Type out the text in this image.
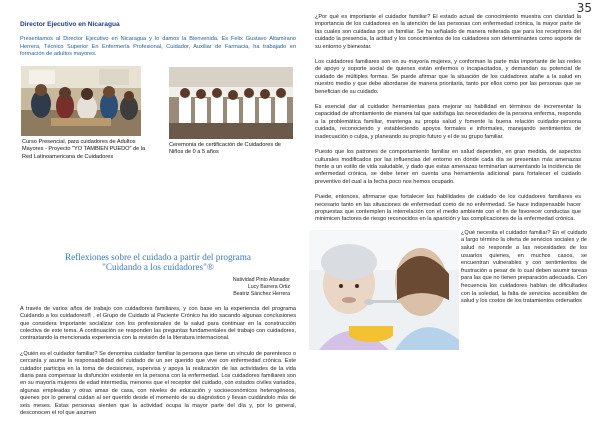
35
Director Ejecutivo en Nicaragua

Presentamos al Director Ejecutivo en Nicaragua y lo damos la Bienvenida. Es Felix Gustavo Altamirano Herrera, Técnico Superior En Enfermería Profesional, Cuidador, Auxiliar de Farmacia, ha trabajado en formación de adultos mayores.

Curso Presencial, para cuidadores de Adultos Mayores - Proyecto "YO TAMBIEN PUEDO" de la Red Latinoamericana de Cuidadores
Ceremonia de certificación de Cuidadores de Niños de 0 a 5 años
Reflexiones sobre el cuidado a partir del programa
"Cuidando a los cuidadores"®
Natividad Pinto Afanador
Lucy Barrera Ortiz
Beatriz Sánchez Herrera

A través de varios años de trabajo con cuidadores familiares, y con base en la experiencia del programa Cuidando a los cuidadores® , el Grupo de Cuidado al Paciente Crónico ha ido sacando algunas conclusiones que considera importante socializar con los profesionales de la salud para continuar en la construcción colectiva de este tema. A continuación se responden las preguntas fundamentales del trabajo con cuidadores, contrastando la mencionada experiencia con la revisión de la literatura internacional.

¿Quién es el cuidador familiar? Se denomina cuidador familiar la persona que tiene un vínculo de parentesco o cercanía y asume la responsabilidad del cuidado de un ser querido que vive con enfermedad crónica. Este cuidador participa en la toma de decisiones, supervisa y apoya la realización de las actividades de la vida diaria para compensar la disfunción existente en la persona con la enfermedad. Los cuidadores familiares son en su mayoría mujeres de edad intermedia, menores que el receptor del cuidado, con estados civiles variados, algunas empleadas y otras amas de casa, con niveles de educación y socioeconómicos heterogéneos, quienes por lo general cuidan al ser querido desde el momento de su diagnóstico y llevan cuidándolo más de seis meses. Estas personas sienten que la actividad ocupa la mayor parte del día y, por lo general, desconocen el rol que asumen

¿Por qué es importante el cuidador familiar? El estado actual de conocimiento muestra con claridad la importancia de los cuidadores en la atención de las personas con enfermedad crónica, la mayor parte de las cuales son cuidadas por un familiar. Se ha señalado de manera reiterada que para los receptores del cuidado la presencia, la actitud y los conocimientos de los cuidadores son determinantes como soporte de su entorno y bienestar.

Los cuidadores familiares son en su mayoría mujeres, y conforman la parte más importante de las redes de apoyo y soporte social de quienes están enfermos o incapacitados, y demandan su potencial de cuidado de múltiples formas. Se puede afirmar que la situación de los cuidadores atañe a la salud en nuestro medio y que debe abordarse de manera prioritaria, tanto por ellos como por las personas que se benefician de su cuidado.

Es esencial dar al cuidador herramientas para mejorar su habilidad en términos de incrementar la capacidad de afrontamiento de manera tal que satisfaga las necesidades de la persona enferma, responda a la problemática familiar, mantenga su propia salud y fomente la buena relación cuidador-persona cuidada, reconociendo y estableciendo apoyos formales e informales, manejando sentimientos de inadecuación o culpa, y planeando su propio futuro y el de su grupo familiar.

Puesto que los patrones de comportamiento familiar en salud dependen, en gran medida, de aspectos culturales modificados por las influencias del entorno en donde cada día se presentan más amenazas frente a un estilo de vida saludable, y dado que estas amenazas terminarían aumentando la incidencia de enfermedad crónica, se debe tener en cuenta una herramienta adicional para fortalecer el cuidado preventivo del cual a la fecha poco nos hemos ocupado.

Puede, entonces, afirmarse que fortalecer las habilidades de cuidado de los cuidadores familiares es necesario tanto en las situaciones de enfermedad como de no enfermedad. Se hace indispensable hacer propuestas que contemplen la interrelación con el medio ambiente con el fin de favorecer conductas que minimicen factores de riesgo reconocidos en la aparición y las complicaciones de la enfermedad crónica.

¿Qué necesita el cuidador familiar? En el cuidado a largo término la oferta de servicios sociales y de salud no responde a las necesidades de los usuarios quienes, en muchos casos, se encuentran vulnerables y con sentimientos de frustración a pesar de lo cual deben asumir tareas para las que no tienen preparación adecuada. Con frecuencia los cuidadores hablan de dificultades con la soledad, la falta de servicios accesibles de salud y los costos de los tratamientos ordenados
